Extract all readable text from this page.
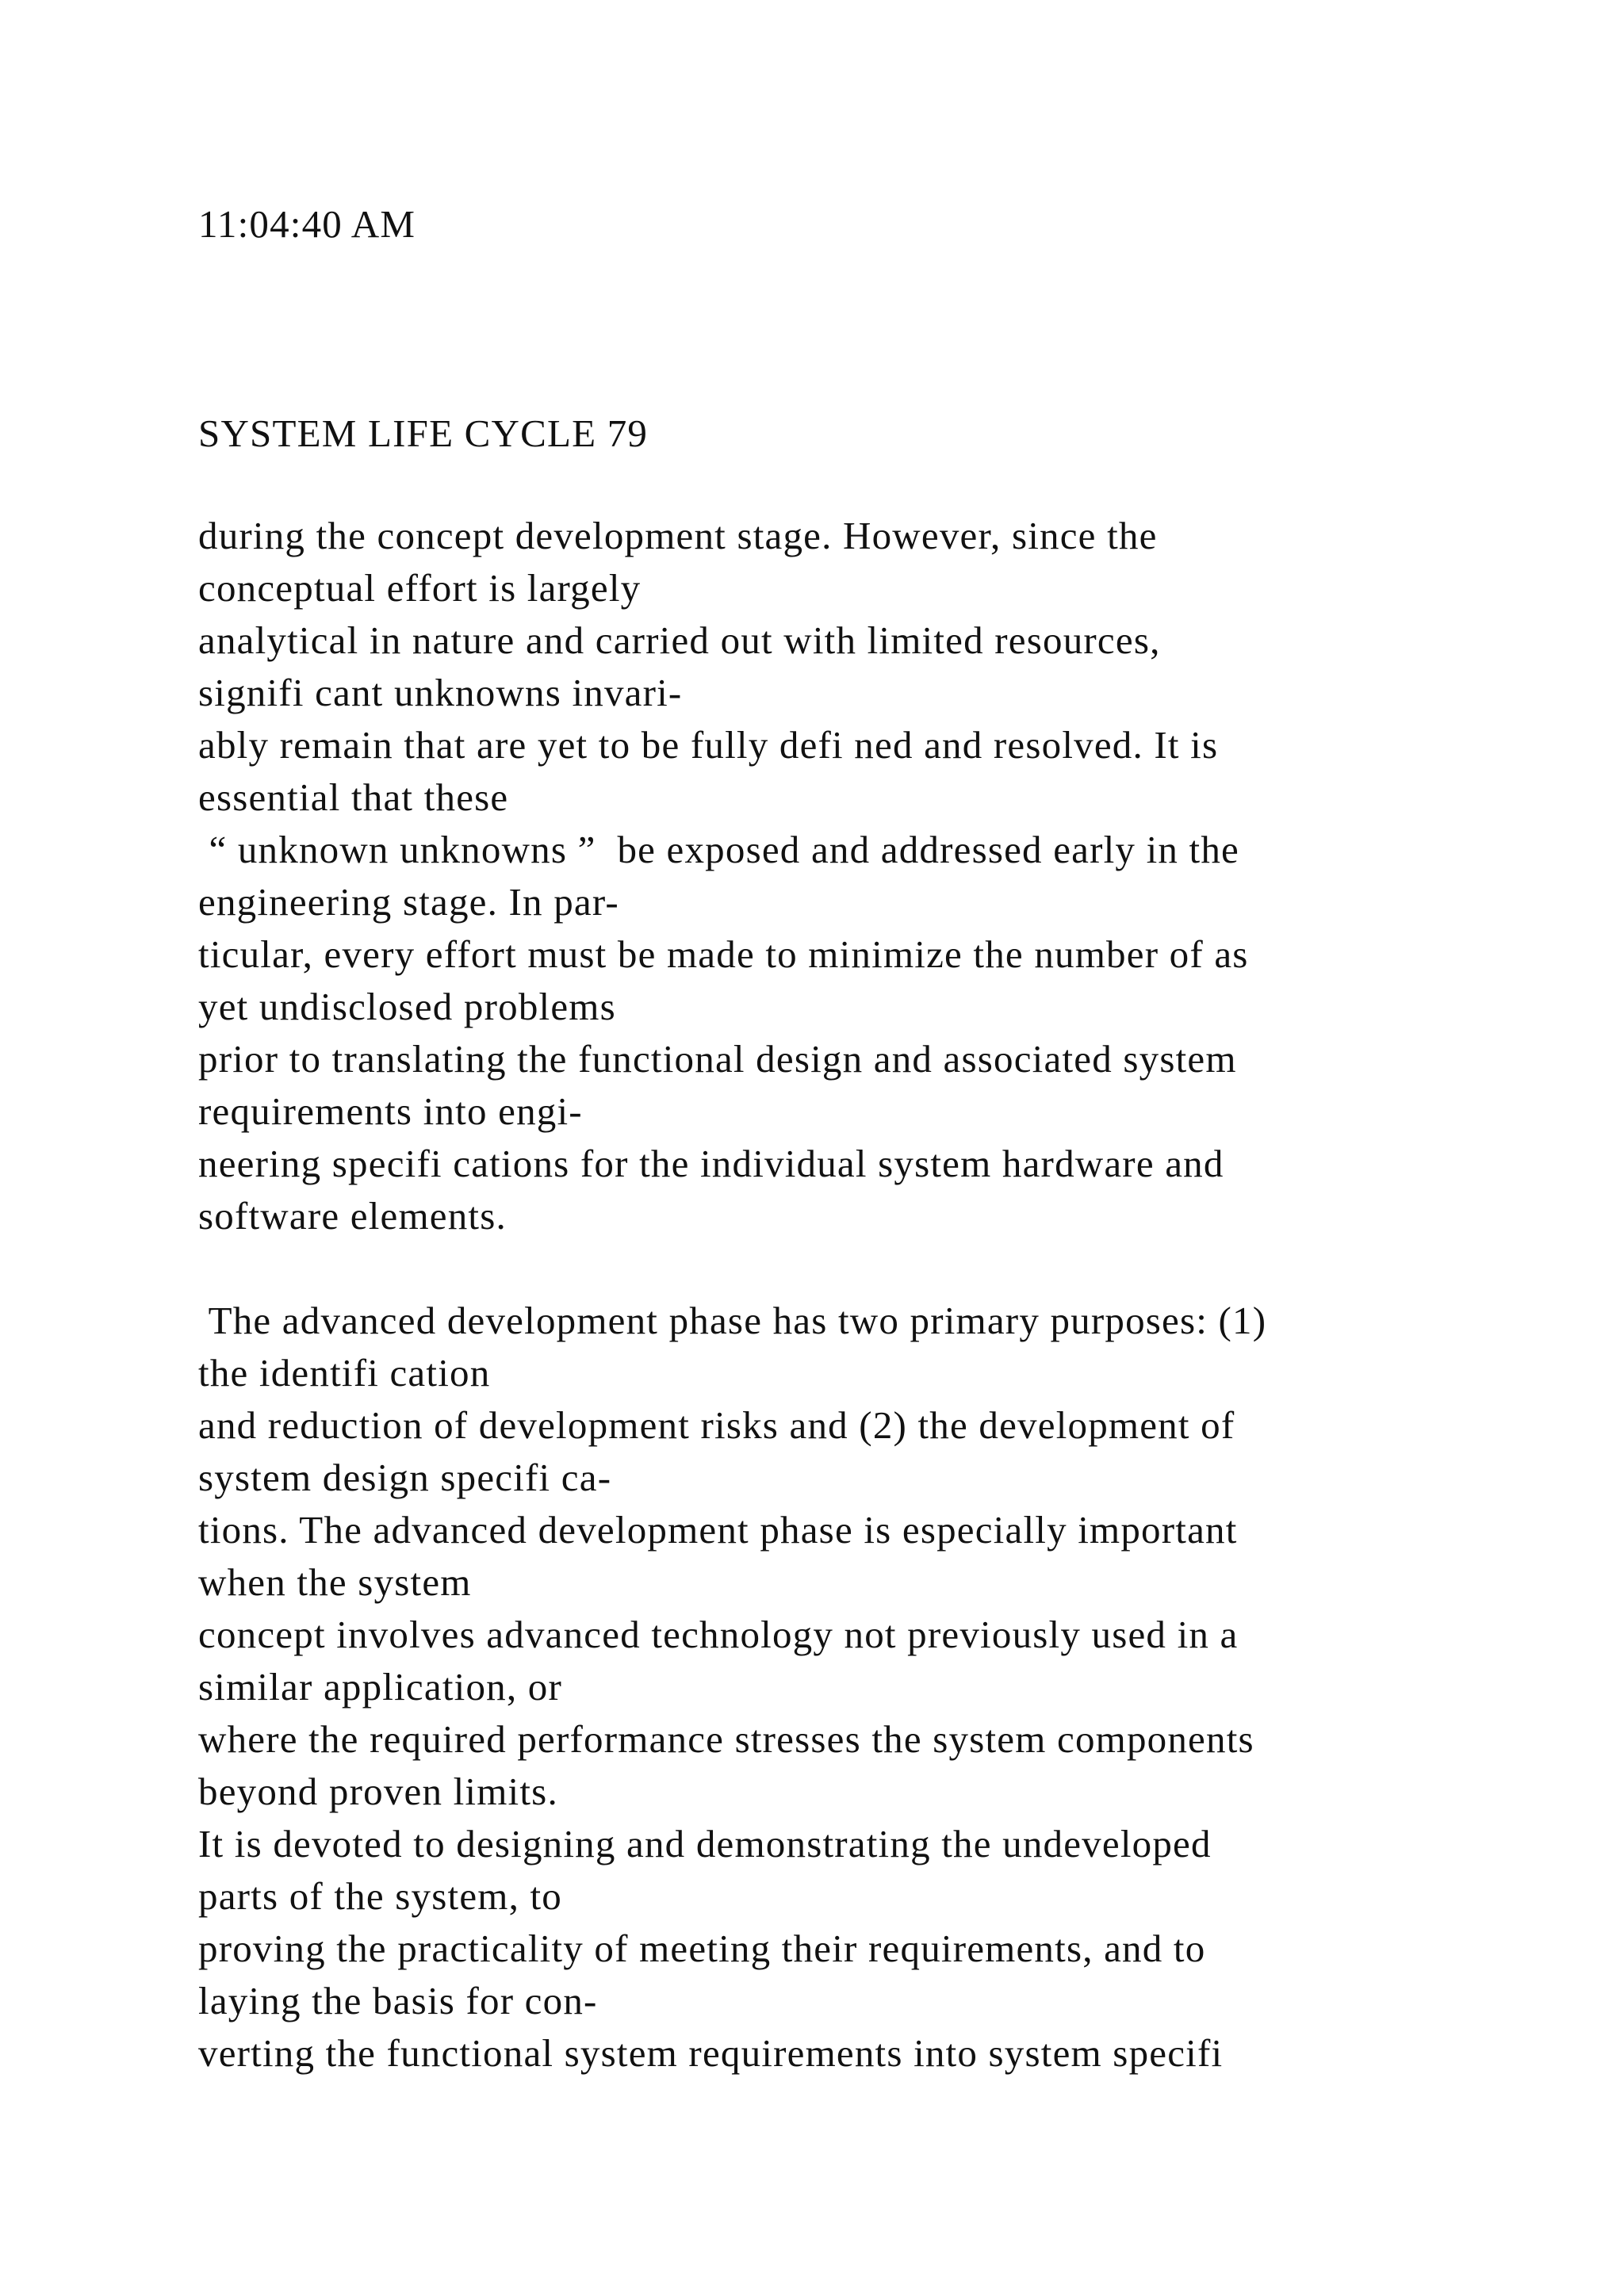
11:04:40 AM

SYSTEM LIFE CYCLE 79

during the concept development stage. However, since the

conceptual effort is largely

analytical in nature and carried out with limited resources,

signifi cant unknowns invari-

ably remain that are yet to be fully defi ned and resolved. It is

essential that these

“ unknown unknowns ”  be exposed and addressed early in the

engineering stage. In par-

ticular, every effort must be made to minimize the number of as

yet undisclosed problems

prior to translating the functional design and associated system

requirements into engi-

neering specifi cations for the individual system hardware and

software elements.

The advanced development phase has two primary purposes: (1)

the identifi cation

and reduction of development risks and (2) the development of

system design specifi ca-

tions. The advanced development phase is especially important

when the system

concept involves advanced technology not previously used in a

similar application, or

where the required performance stresses the system components

beyond proven limits.

It is devoted to designing and demonstrating the undeveloped

parts of the system, to

proving the practicality of meeting their requirements, and to

laying the basis for con-

verting the functional system requirements into system specifi
